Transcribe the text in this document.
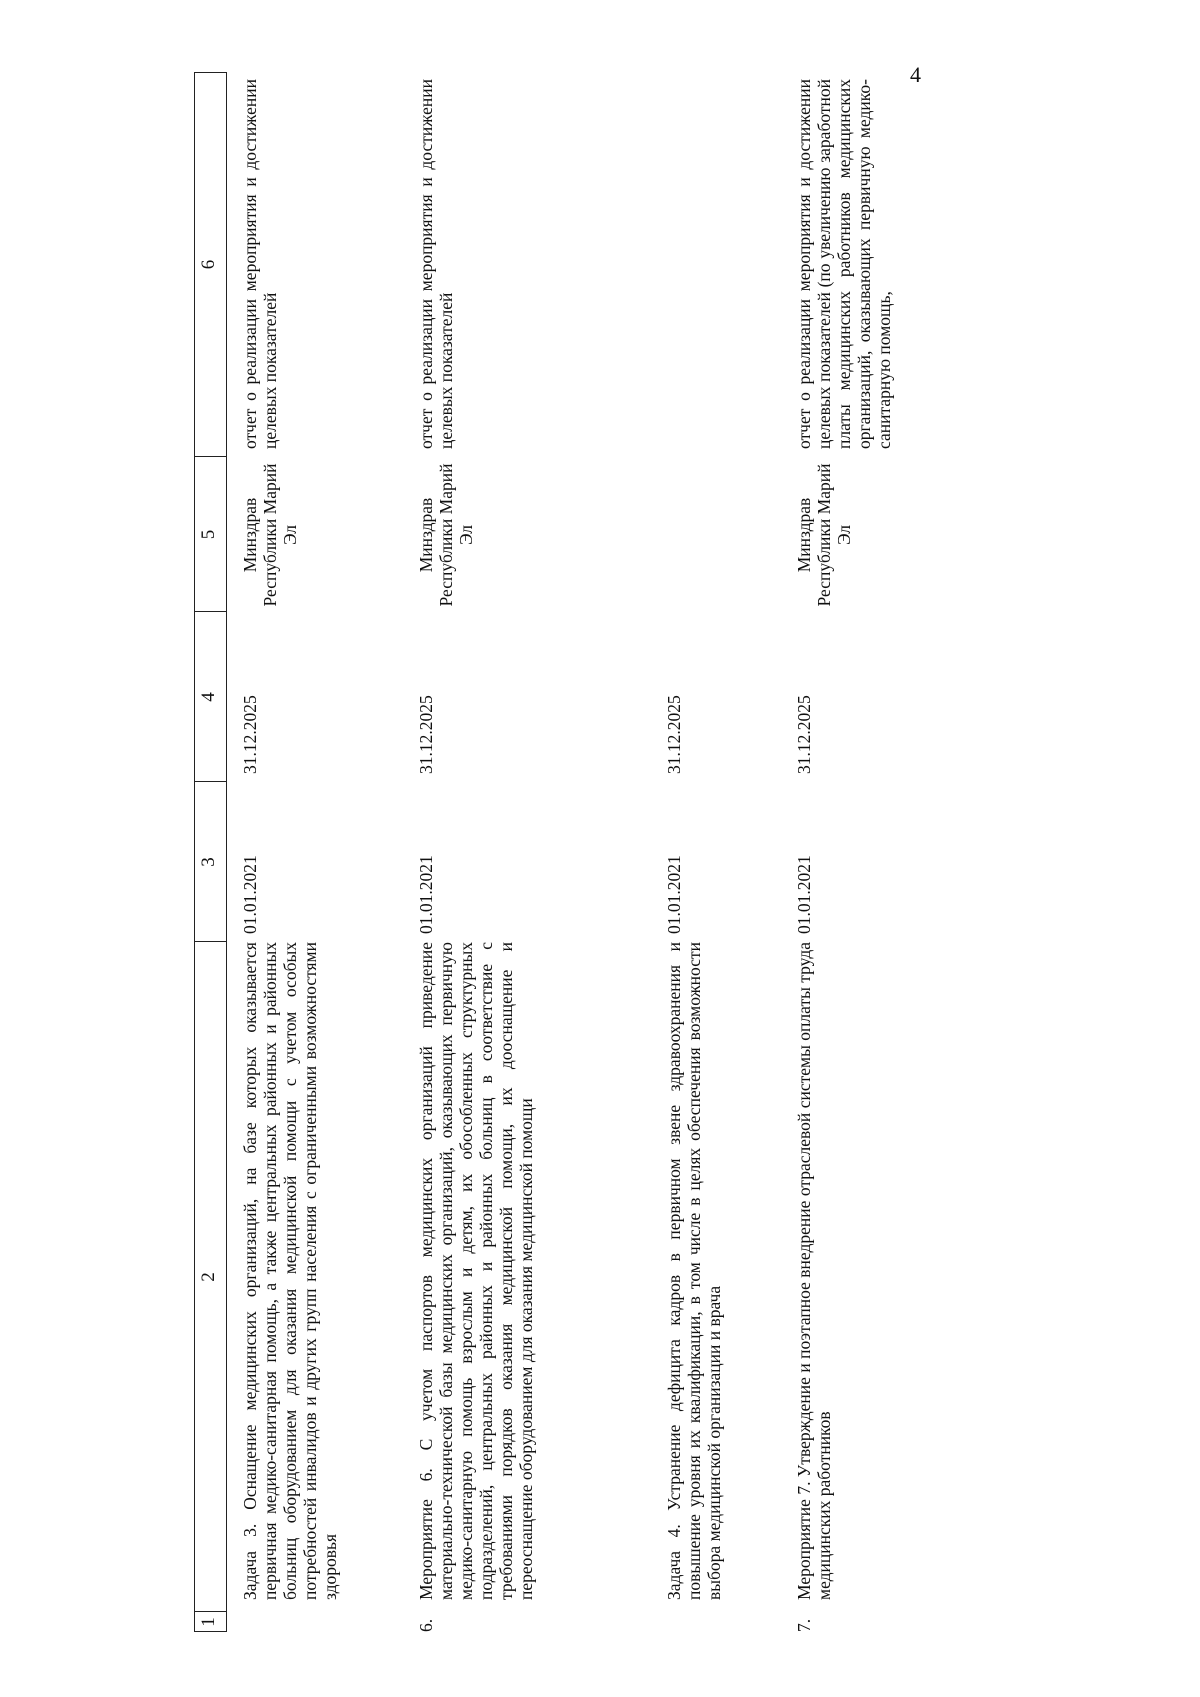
4
1
2
3
4
5
6
Задача 3. Оснащение медицинских организаций, на базе которых оказывается первичная медико-санитарная помощь, а также центральных районных и районных больниц оборудованием для оказания медицинской помощи с учетом особых потребностей инвалидов и других групп населения с ограниченными возможностями здоровья
01.01.2021
31.12.2025
Минздрав Республики Марий Эл
отчет о реализации мероприятия и достижении целевых показателей
6.
Мероприятие 6. С учетом паспортов медицинских организаций приведение материально-технической базы медицинских организаций, оказывающих первичную медико-санитарную помощь взрослым и детям, их обособленных структурных подразделений, центральных районных и районных больниц в соответствие с требованиями порядков оказания медицинской помощи, их дооснащение и переоснащение оборудованием для оказания медицинской помощи
01.01.2021
31.12.2025
Минздрав Республики Марий Эл
отчет о реализации мероприятия и достижении целевых показателей
Задача 4. Устранение дефицита кадров в первичном звене здравоохранения и повышение уровня их квалификации, в том числе в целях обеспечения возможности выбора медицинской организации и врача
01.01.2021
31.12.2025
7.
Мероприятие 7. Утверждение и поэтапное внедрение отраслевой системы оплаты труда медицинских работников
01.01.2021
31.12.2025
Минздрав Республики Марий Эл
отчет о реализации мероприятия и достижении целевых показателей (по увеличению заработной платы медицинских работников медицинских организаций, оказывающих первичную медико-санитарную помощь,
